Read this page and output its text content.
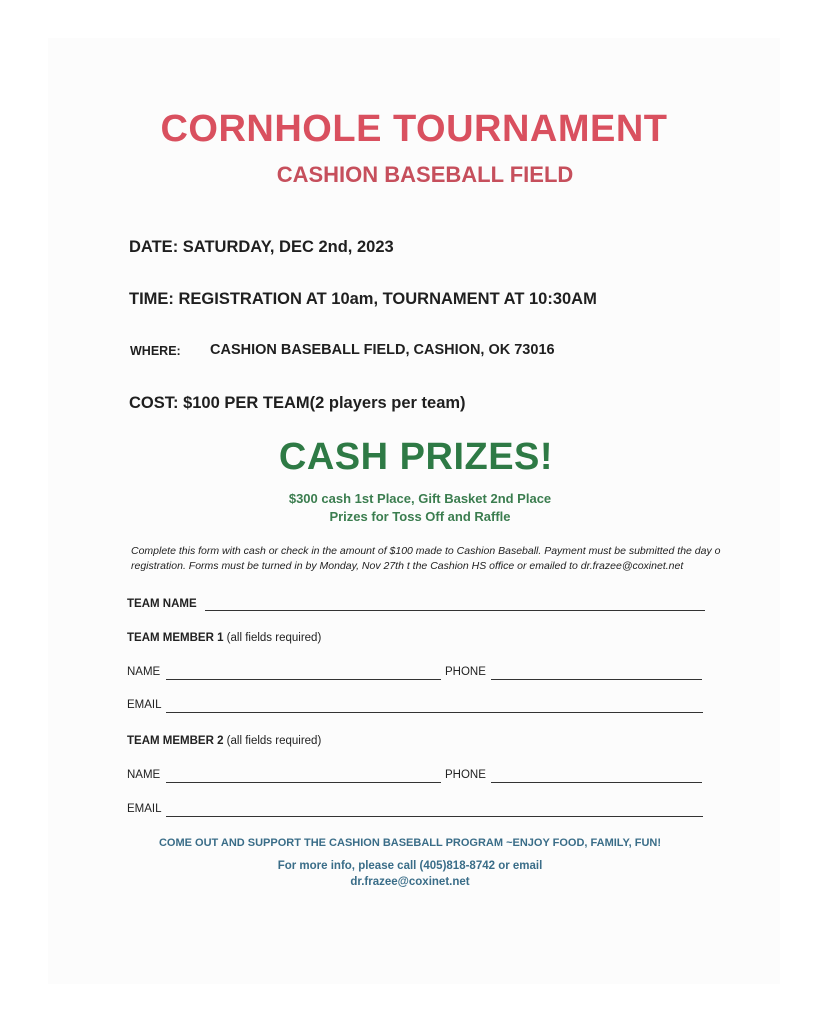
CORNHOLE TOURNAMENT
CASHION BASEBALL FIELD
DATE: SATURDAY, DEC 2nd, 2023
TIME: REGISTRATION AT 10am, TOURNAMENT AT 10:30AM
WHERE: CASHION BASEBALL FIELD, CASHION, OK 73016
COST: $100 PER TEAM(2 players per team)
CASH PRIZES!
$300 cash 1st Place, Gift Basket 2nd Place
Prizes for Toss Off and Raffle
Complete this form with cash or check in the amount of $100 made to Cashion Baseball. Payment must be submitted the day o
registration. Forms must be turned in by Monday, Nov 27th t the Cashion HS office or emailed to dr.frazee@coxinet.net
TEAM NAME
TEAM MEMBER 1 (all fields required)
NAME	PHONE
EMAIL
TEAM MEMBER 2 (all fields required)
NAME	PHONE
EMAIL
COME OUT AND SUPPORT THE CASHION BASEBALL PROGRAM ~ENJOY FOOD, FAMILY, FUN!
For more info, please call (405)818-8742 or email
dr.frazee@coxinet.net
